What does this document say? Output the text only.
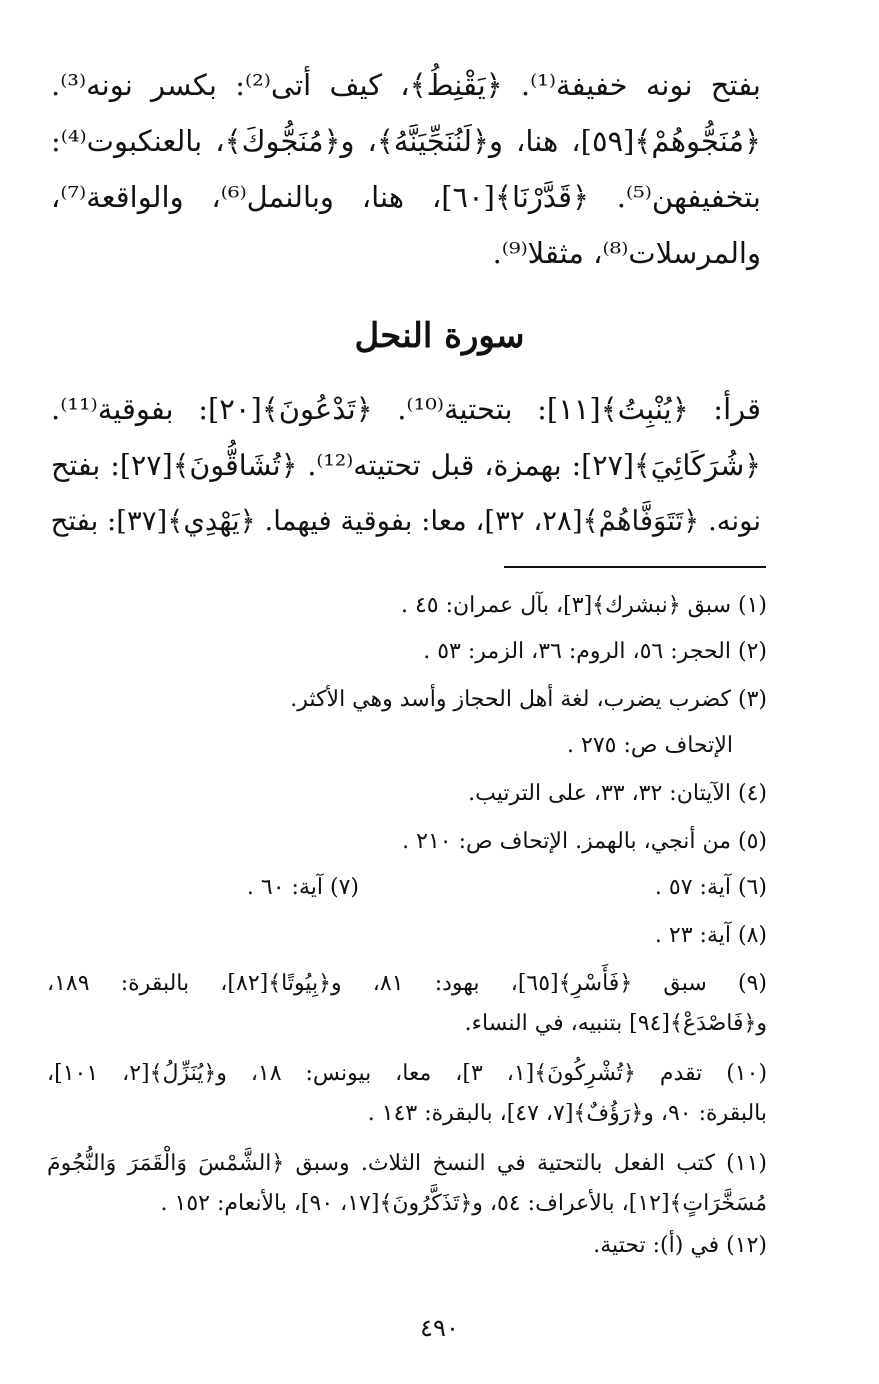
بفتح نونه خفيفة⁽¹⁾. ﴿يَقْنِطُ﴾، كيف أتى⁽²⁾: بكسر نونه⁽³⁾.
﴿مُنَجُّوهُمْ﴾[٥٩]، هنا، و﴿لَنُنَجِّيَنَّهُ﴾، و﴿مُنَجُّوكَ﴾، بالعنكبوت⁽⁴⁾:
بتخفيفهن⁽⁵⁾. ﴿قَدَّرْنَا﴾[٦٠]، هنا، وبالنمل⁽⁶⁾، والواقعة⁽⁷⁾،
والمرسلات⁽⁸⁾، مثقلا⁽⁹⁾.
سورة النحل
قرأ: ﴿يُنْبِتُ﴾[١١]: بتحتية⁽¹⁰⁾. ﴿تَدْعُونَ﴾[٢٠]: بفوقية⁽¹¹⁾.
﴿شُرَكَائِيَ﴾[٢٧]: بهمزة، قبل تحتيته⁽¹²⁾. ﴿تُشَاقُّونَ﴾[٢٧]: بفتح
نونه. ﴿تَتَوَفَّاهُمْ﴾[٢٨، ٣٢]، معا: بفوقية فيهما. ﴿يَهْدِي﴾[٣٧]: بفتح
(١) سبق ﴿نبشرك﴾[٣]، بآل عمران: ٤٥ .
(٢) الحجر: ٥٦، الروم: ٣٦، الزمر: ٥٣ .
(٣) كضرب يضرب، لغة أهل الحجاز وأسد وهي الأكثر.
الإتحاف ص: ٢٧٥ .
(٤) الآيتان: ٣٢، ٣٣، على الترتيب.
(٥) من أنجي، بالهمز. الإتحاف ص: ٢١٠ .
(٦) آية: ٥٧ .
(٧) آية: ٦٠ .
(٨) آية: ٢٣ .
(٩) سبق ﴿فَأَسْرِ﴾[٦٥]، بهود: ٨١، و﴿بِيُوتًا﴾[٨٢]، بالبقرة: ١٨٩،
و﴿فَاصْدَعْ﴾[٩٤] بتنبيه، في النساء.
(١٠) تقدم ﴿تُشْرِكُونَ﴾[١، ٣]، معا، بيونس: ١٨، و﴿يُنَزِّلُ﴾[٢، ١٠١]،
بالبقرة: ٩٠، و﴿رَؤُفٌ﴾[٧، ٤٧]، بالبقرة: ١٤٣ .
(١١) كتب الفعل بالتحتية في النسخ الثلاث. وسبق ﴿الشَّمْسَ وَالْقَمَرَ وَالنُّجُومَ
مُسَخَّرَاتٍ﴾[١٢]، بالأعراف: ٥٤، و﴿تَذَكَّرُونَ﴾[١٧، ٩٠]، بالأنعام: ١٥٢ .
(١٢) في (أ): تحتية.
٤٩٠
